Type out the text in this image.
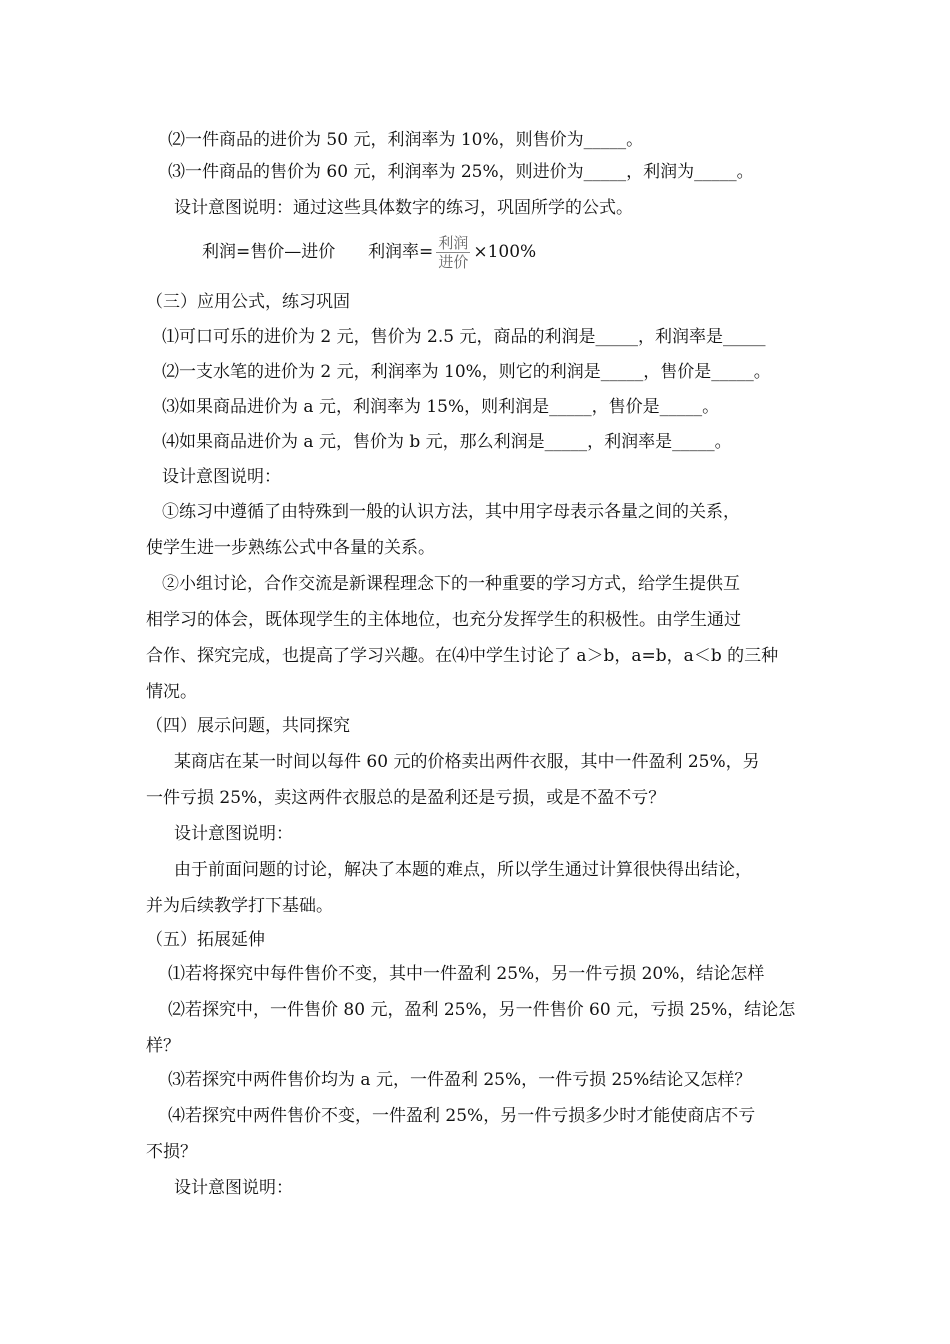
⑵一件商品的进价为 50 元，利润率为 10%，则售价为_____。
⑶一件商品的售价为 60 元，利润率为 25%，则进价为_____，利润为_____。
设计意图说明：通过这些具体数字的练习，巩固所学的公式。
利润=售价—进价 利润率= $\frac{\text{利润}}{\text{进价}} \times 100\%$
（三）应用公式，练习巩固
⑴可口可乐的进价为 2 元，售价为 2.5 元，商品的利润是_____，利润率是_____
⑵一支水笔的进价为 2 元，利润率为 10%，则它的利润是_____，售价是_____。
⑶如果商品进价为 a 元，利润率为 15%，则利润是_____，售价是_____。
⑷如果商品进价为 a 元，售价为 b 元，那么利润是_____，利润率是_____。
设计意图说明：
①练习中遵循了由特殊到一般的认识方法，其中用字母表示各量之间的关系，
使学生进一步熟练公式中各量的关系。
②小组讨论，合作交流是新课程理念下的一种重要的学习方式，给学生提供互
相学习的体会，既体现学生的主体地位，也充分发挥学生的积极性。由学生通过
合作、探究完成，也提高了学习兴趣。在⑷中学生讨论了 a＞b，a=b，a＜b 的三种
情况。
（四）展示问题，共同探究
某商店在某一时间以每件 60 元的价格卖出两件衣服，其中一件盈利 25%，另
一件亏损 25%，卖这两件衣服总的是盈利还是亏损，或是不盈不亏？
设计意图说明：
由于前面问题的讨论，解决了本题的难点，所以学生通过计算很快得出结论，
并为后续教学打下基础。
（五）拓展延伸
⑴若将探究中每件售价不变，其中一件盈利 25%，另一件亏损 20%，结论怎样
⑵若探究中，一件售价 80 元，盈利 25%，另一件售价 60 元，亏损 25%，结论怎
样？
⑶若探究中两件售价均为 a 元，一件盈利 25%，一件亏损 25%结论又怎样？
⑷若探究中两件售价不变，一件盈利 25%，另一件亏损多少时才能使商店不亏
不损？
设计意图说明：
